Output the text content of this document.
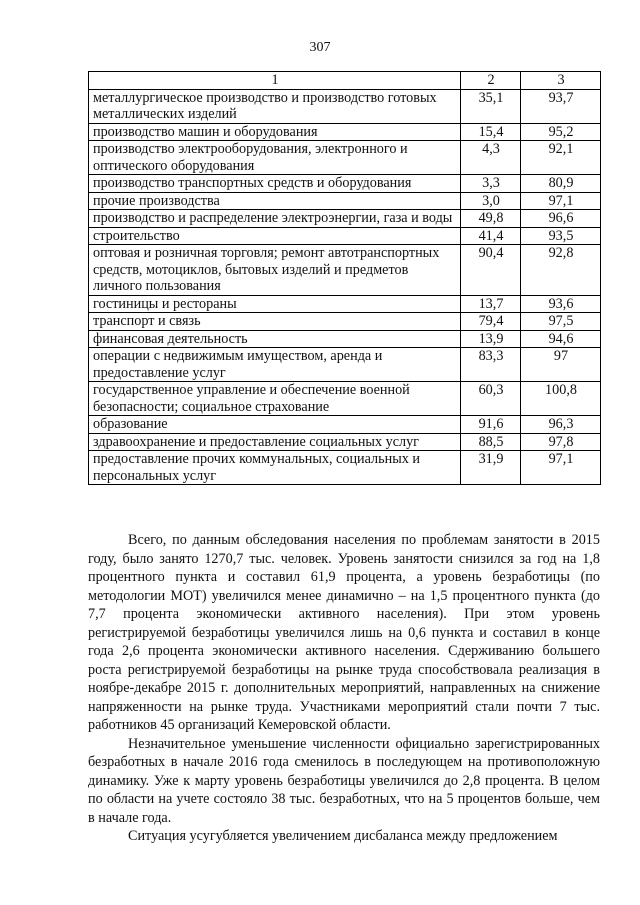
307
1	2	3
металлургическое производство и производство готовых металлических изделий	35,1	93,7
производство машин и оборудования	15,4	95,2
производство электрооборудования, электронного и оптического оборудования	4,3	92,1
производство транспортных средств и оборудования	3,3	80,9
прочие производства	3,0	97,1
производство и распределение электроэнергии, газа и воды	49,8	96,6
строительство	41,4	93,5
оптовая и розничная торговля; ремонт автотранспортных средств, мотоциклов, бытовых изделий и предметов личного пользования	90,4	92,8
гостиницы и рестораны	13,7	93,6
транспорт и связь	79,4	97,5
финансовая деятельность	13,9	94,6
операции с недвижимым имуществом, аренда и предоставление услуг	83,3	97
государственное управление и обеспечение военной безопасности; социальное страхование	60,3	100,8
образование	91,6	96,3
здравоохранение и предоставление социальных услуг	88,5	97,8
предоставление прочих коммунальных, социальных и персональных услуг	31,9	97,1

Всего, по данным обследования населения по проблемам занятости в 2015 году, было занято 1270,7 тыс. человек. Уровень занятости снизился за год на 1,8 процентного пункта и составил 61,9 процента, а уровень безработицы (по методологии МОТ) увеличился менее динамично – на 1,5 процентного пункта (до 7,7 процента экономически активного населения). При этом уровень регистрируемой безработицы увеличился лишь на 0,6 пункта и составил в конце года 2,6 процента экономически активного населения. Сдерживанию большего роста регистрируемой безработицы на рынке труда способствовала реализация в ноябре-декабре 2015 г. дополнительных мероприятий, направленных на снижение напряженности на рынке труда. Участниками мероприятий стали почти 7 тыс. работников 45 организаций Кемеровской области.

Незначительное уменьшение численности официально зарегистрированных безработных в начале 2016 года сменилось в последующем на противоположную динамику. Уже к марту уровень безработицы увеличился до 2,8 процента. В целом по области на учете состояло 38 тыс. безработных, что на 5 процентов больше, чем в начале года.

Ситуация усугубляется увеличением дисбаланса между предложением
